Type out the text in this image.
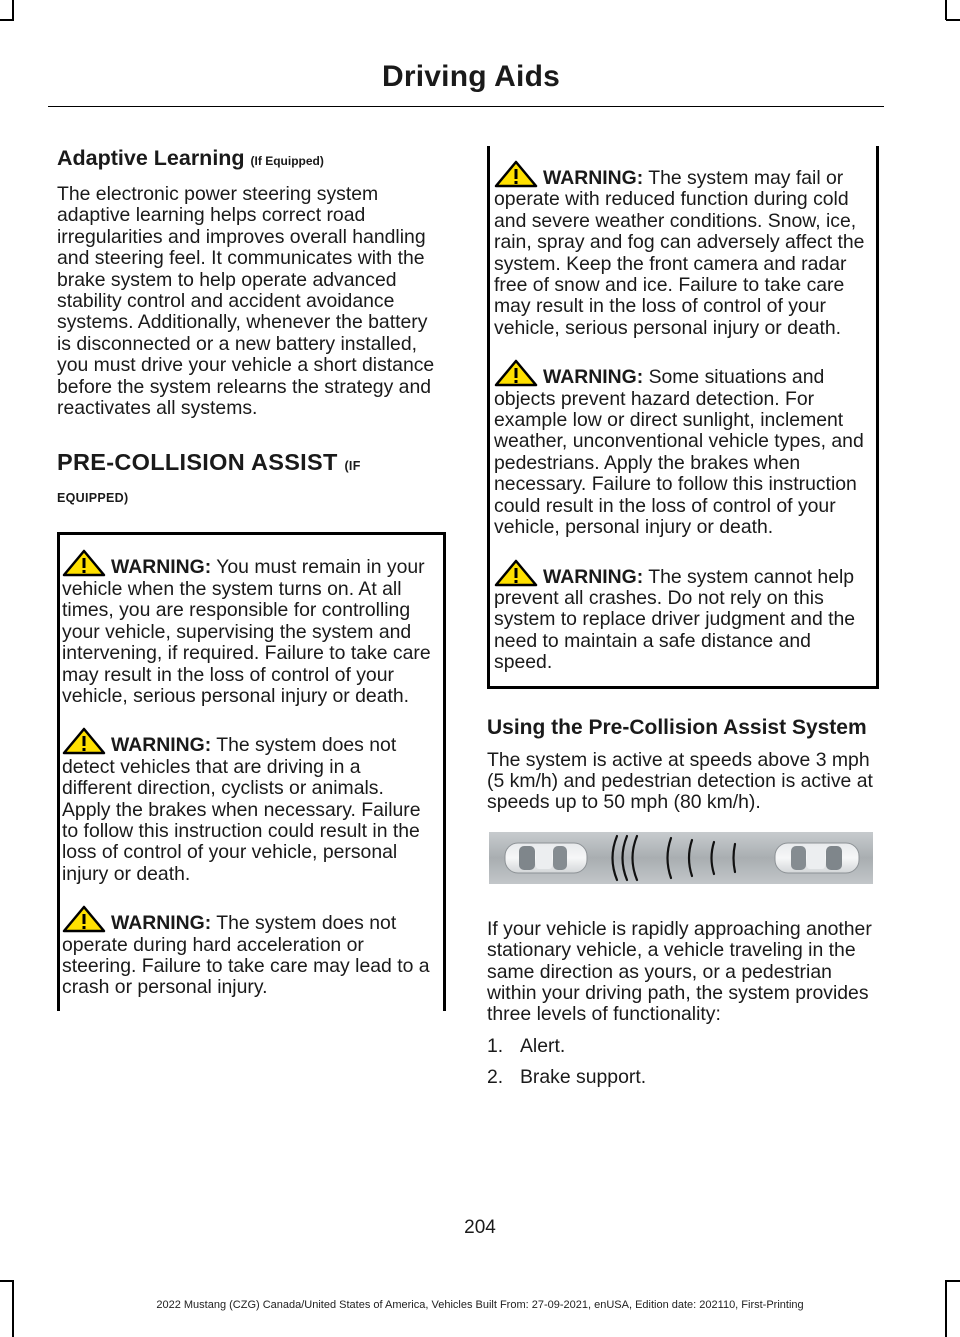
Driving Aids
Adaptive Learning (If Equipped)

The electronic power steering system adaptive learning helps correct road irregularities and improves overall handling and steering feel. It communicates with the brake system to help operate advanced stability control and accident avoidance systems. Additionally, whenever the battery is disconnected or a new battery installed, you must drive your vehicle a short distance before the system relearns the strategy and reactivates all systems.

PRE-COLLISION ASSIST (IF
EQUIPPED)

WARNING: You must remain in your vehicle when the system turns on. At all times, you are responsible for controlling your vehicle, supervising the system and intervening, if required. Failure to take care may result in the loss of control of your vehicle, serious personal injury or death.

WARNING: The system does not detect vehicles that are driving in a different direction, cyclists or animals. Apply the brakes when necessary. Failure to follow this instruction could result in the loss of control of your vehicle, personal injury or death.

WARNING: The system does not operate during hard acceleration or steering. Failure to take care may lead to a crash or personal injury.

WARNING: The system may fail or operate with reduced function during cold and severe weather conditions. Snow, ice, rain, spray and fog can adversely affect the system. Keep the front camera and radar free of snow and ice. Failure to take care may result in the loss of control of your vehicle, serious personal injury or death.

WARNING: Some situations and objects prevent hazard detection. For example low or direct sunlight, inclement weather, unconventional vehicle types, and pedestrians. Apply the brakes when necessary. Failure to follow this instruction could result in the loss of control of your vehicle, personal injury or death.

WARNING: The system cannot help prevent all crashes. Do not rely on this system to replace driver judgment and the need to maintain a safe distance and speed.

Using the Pre-Collision Assist System

The system is active at speeds above 3 mph (5 km/h) and pedestrian detection is active at speeds up to 50 mph (80 km/h).

If your vehicle is rapidly approaching another stationary vehicle, a vehicle traveling in the same direction as yours, or a pedestrian within your driving path, the system provides three levels of functionality:

1. Alert.
2. Brake support.
204
2022 Mustang (CZG) Canada/United States of America, Vehicles Built From: 27-09-2021, enUSA, Edition date: 202110, First-Printing
